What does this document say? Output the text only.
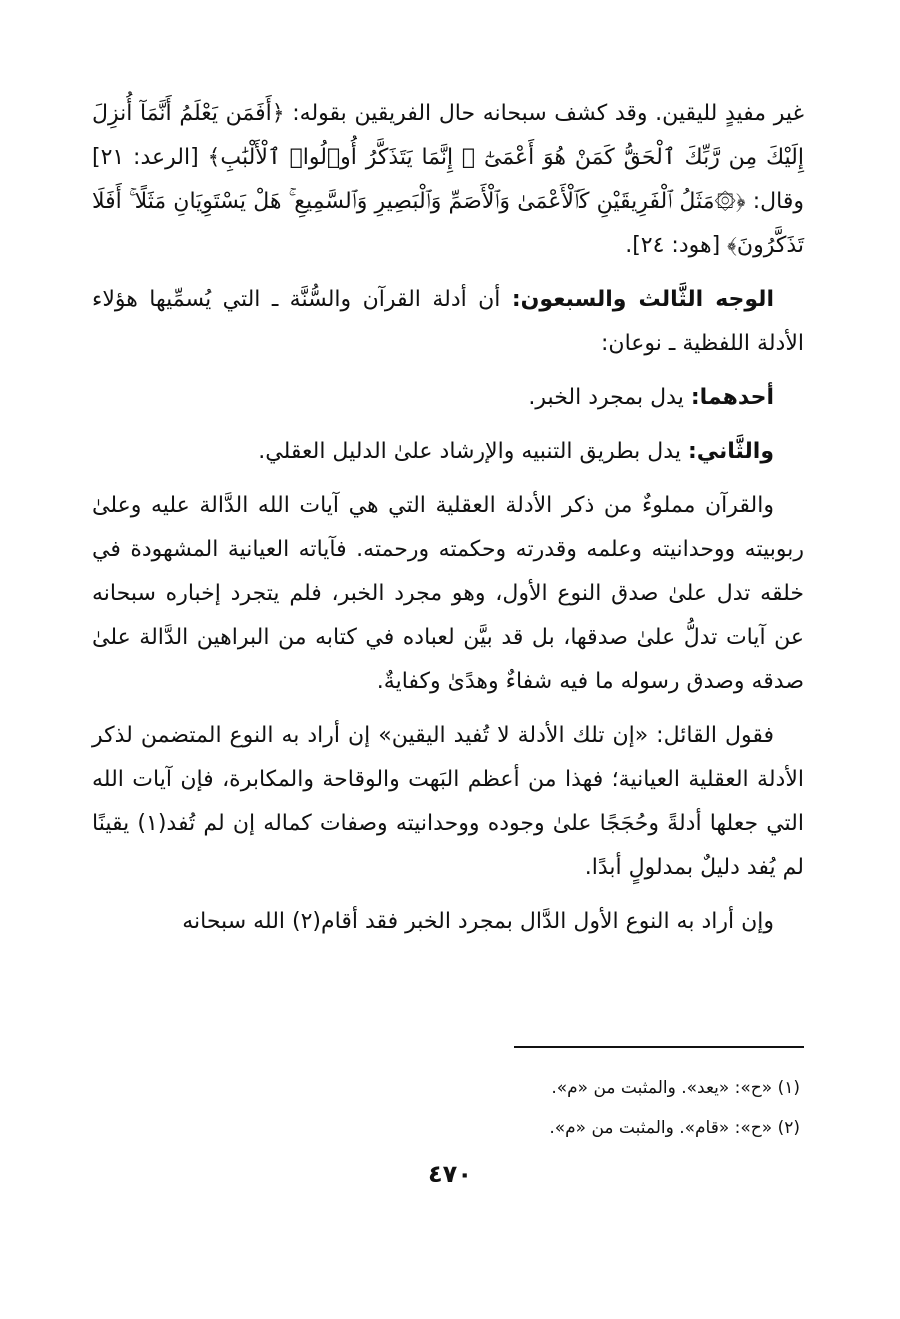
غير مفيدٍ لليقين. وقد كشف سبحانه حال الفريقين بقوله: ﴿أَفَمَن يَعْلَمُ أَنَّمَآ أُنزِلَ إِلَيْكَ مِن رَّبِّكَ ٱلْحَقُّ كَمَنْ هُوَ أَعْمَىٰٓ ۚ إِنَّمَا يَتَذَكَّرُ أُو۟لُوا۟ ٱلْأَلْبَٰبِ﴾ [الرعد: ٢١] وقال: ﴿۞مَثَلُ ٱلْفَرِيقَيْنِ كَٱلْأَعْمَىٰ وَٱلْأَصَمِّ وَٱلْبَصِيرِ وَٱلسَّمِيعِ ۚ هَلْ يَسْتَوِيَانِ مَثَلًا ۚ أَفَلَا تَذَكَّرُونَ﴾ [هود: ٢٤].

الوجه الثَّالث والسبعون: أن أدلة القرآن والسُّنَّة ـ التي يُسمِّيها هؤلاء الأدلة اللفظية ـ نوعان:

أحدهما: يدل بمجرد الخبر.

والثَّاني: يدل بطريق التنبيه والإرشاد علىٰ الدليل العقلي.

والقرآن مملوءٌ من ذكر الأدلة العقلية التي هي آيات الله الدَّالة عليه وعلىٰ ربوبيته ووحدانيته وعلمه وقدرته وحكمته ورحمته. فآياته العيانية المشهودة في خلقه تدل علىٰ صدق النوع الأول، وهو مجرد الخبر، فلم يتجرد إخباره سبحانه عن آيات تدلُّ علىٰ صدقها، بل قد بيَّن لعباده في كتابه من البراهين الدَّالة علىٰ صدقه وصدق رسوله ما فيه شفاءٌ وهدًىٰ وكفايةٌ.

فقول القائل: «إن تلك الأدلة لا تُفيد اليقين» إن أراد به النوع المتضمن لذكر الأدلة العقلية العيانية؛ فهذا من أعظم البَهت والوقاحة والمكابرة، فإن آيات الله التي جعلها أدلةً وحُجَجًا علىٰ وجوده ووحدانيته وصفات كماله إن لم تُفد(١) يقينًا لم يُفد دليلٌ بمدلولٍ أبدًا.

وإن أراد به النوع الأول الدَّال بمجرد الخبر فقد أقام(٢) الله سبحانه

(١) «ح»: «يعد». والمثبت من «م».

(٢) «ح»: «قام». والمثبت من «م».

٤٧٠
